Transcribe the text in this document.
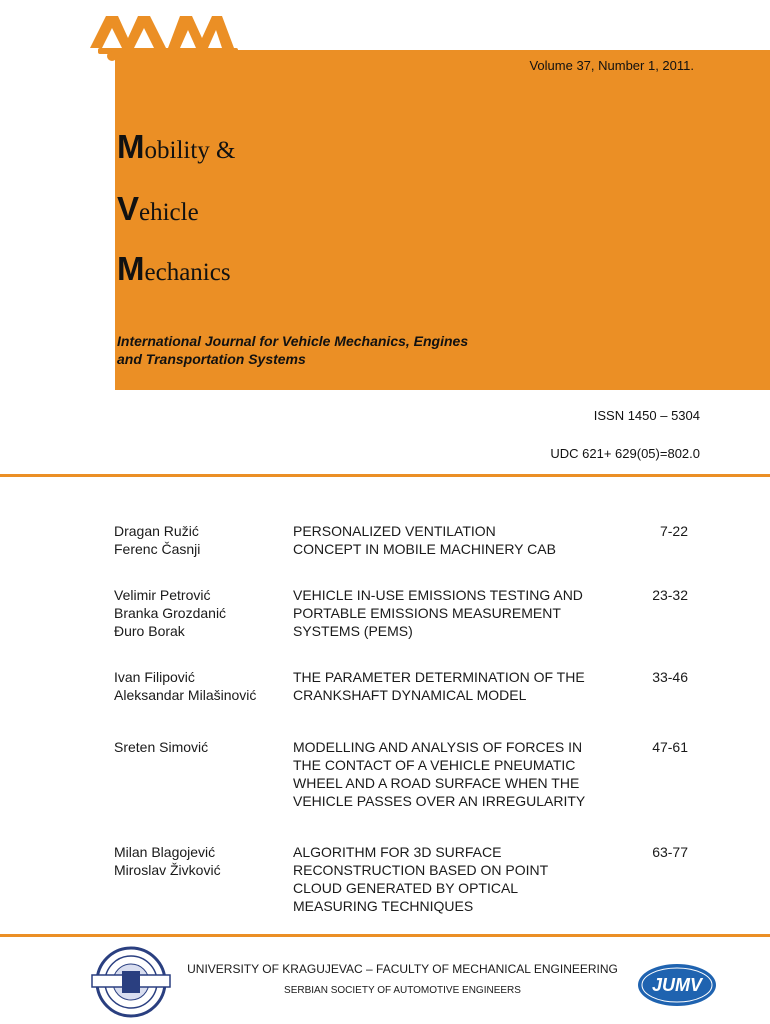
Volume 37, Number 1, 2011.
Mobility &
Vehicle
Mechanics
International Journal for Vehicle Mechanics, Engines
and Transportation Systems
ISSN 1450 – 5304
UDC 621+ 629(05)=802.0
Dragan Ružić
Ferenc Časnji
PERSONALIZED VENTILATION
CONCEPT IN MOBILE MACHINERY CAB
7-22
Velimir Petrović
Branka Grozdanić
Đuro Borak
VEHICLE IN-USE EMISSIONS TESTING AND
PORTABLE EMISSIONS MEASUREMENT
SYSTEMS (PEMS)
23-32
Ivan Filipović
Aleksandar Milašinović
THE PARAMETER DETERMINATION OF THE
CRANKSHAFT DYNAMICAL MODEL
33-46
Sreten Simović	MODELLING AND ANALYSIS OF FORCES IN
THE CONTACT OF A VEHICLE PNEUMATIC
WHEEL AND A ROAD SURFACE WHEN THE
VEHICLE PASSES OVER AN IRREGULARITY
47-61
Milan Blagojević
Miroslav Živković
ALGORITHM FOR 3D SURFACE
RECONSTRUCTION BASED ON POINT
CLOUD GENERATED BY OPTICAL
MEASURING TECHNIQUES
63-77
UNIVERSITY OF KRAGUJEVAC – FACULTY OF MECHANICAL ENGINEERING
SERBIAN SOCIETY OF AUTOMOTIVE ENGINEERS	JUMV
